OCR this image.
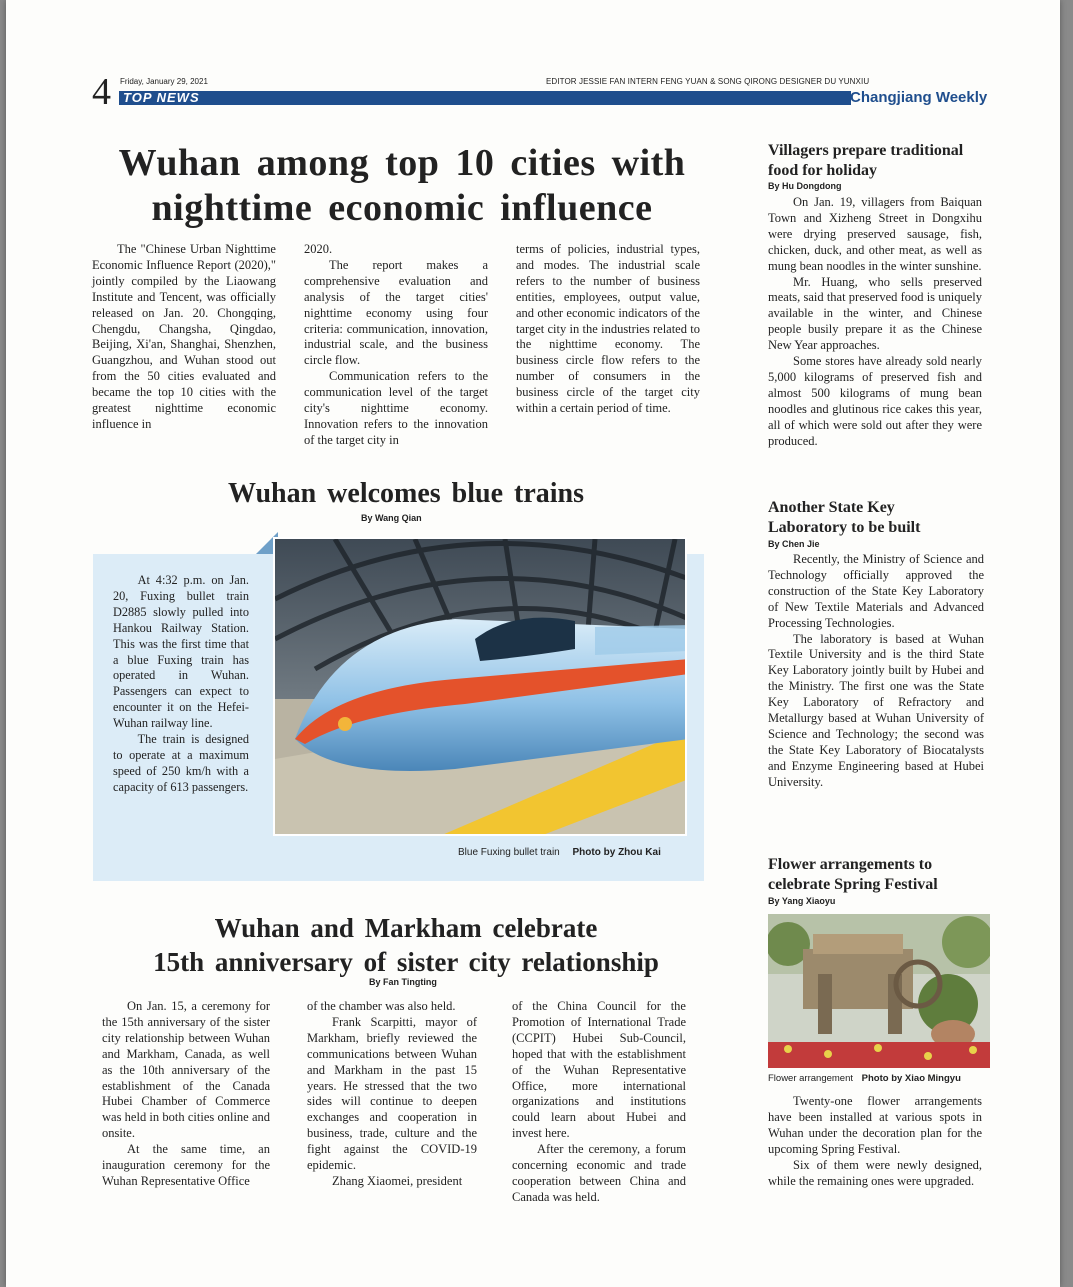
4 Friday, January 29, 2021	EDITOR JESSIE FAN INTERN FENG YUAN & SONG QIRONG DESIGNER DU YUNXIU
TOP NEWS	Changjiang Weekly
Wuhan among top 10 cities with nighttime economic influence

The "Chinese Urban Nighttime Economic Influence Report (2020)," jointly compiled by the Liaowang Institute and Tencent, was officially released on Jan. 20. Chongqing, Chengdu, Changsha, Qingdao, Beijing, Xi'an, Shanghai, Shenzhen, Guangzhou, and Wuhan stood out from the 50 cities evaluated and became the top 10 cities with the greatest nighttime economic influence in

2020.

The report makes a comprehensive evaluation and analysis of the target cities' nighttime economy using four criteria: communication, innovation, industrial scale, and the business circle flow.

Communication refers to the communication level of the target city's nighttime economy. Innovation refers to the innovation of the target city in

terms of policies, industrial types, and modes. The industrial scale refers to the number of business entities, employees, output value, and other economic indicators of the target city in the industries related to the nighttime economy. The business circle flow refers to the number of consumers in the business circle of the target city within a certain period of time.

Wuhan welcomes blue trains
By Wang Qian

At 4:32 p.m. on Jan. 20, Fuxing bullet train D2885 slowly pulled into Hankou Railway Station. This was the first time that a blue Fuxing train has operated in Wuhan. Passengers can expect to encounter it on the Hefei-Wuhan railway line.

The train is designed to operate at a maximum speed of 250 km/h with a capacity of 613 passengers.

Blue Fuxing bullet train Photo by Zhou Kai
Wuhan and Markham celebrate
15th anniversary of sister city relationship
By Fan Tingting

On Jan. 15, a ceremony for the 15th anniversary of the sister city relationship between Wuhan and Markham, Canada, as well as the 10th anniversary of the establishment of the Canada Hubei Chamber of Commerce was held in both cities online and onsite.

At the same time, an inauguration ceremony for the Wuhan Representative Office

of the chamber was also held.

Frank Scarpitti, mayor of Markham, briefly reviewed the communications between Wuhan and Markham in the past 15 years. He stressed that the two sides will continue to deepen exchanges and cooperation in business, trade, culture and the fight against the COVID-19 epidemic.

Zhang Xiaomei, president

of the China Council for the Promotion of International Trade (CCPIT) Hubei Sub-Council, hoped that with the establishment of the Wuhan Representative Office, more international organizations and institutions could learn about Hubei and invest here.

After the ceremony, a forum concerning economic and trade cooperation between China and Canada was held.

Villagers prepare traditional food for holiday
By Hu Dongdong

On Jan. 19, villagers from Baiquan Town and Xizheng Street in Dongxihu were drying preserved sausage, fish, chicken, duck, and other meat, as well as mung bean noodles in the winter sunshine.

Mr. Huang, who sells preserved meats, said that preserved food is uniquely available in the winter, and Chinese people busily prepare it as the Chinese New Year approaches.

Some stores have already sold nearly 5,000 kilograms of preserved fish and almost 500 kilograms of mung bean noodles and glutinous rice cakes this year, all of which were sold out after they were produced.

Another State Key Laboratory to be built
By Chen Jie

Recently, the Ministry of Science and Technology officially approved the construction of the State Key Laboratory of New Textile Materials and Advanced Processing Technologies.

The laboratory is based at Wuhan Textile University and is the third State Key Laboratory jointly built by Hubei and the Ministry. The first one was the State Key Laboratory of Refractory and Metallurgy based at Wuhan University of Science and Technology; the second was the State Key Laboratory of Biocatalysts and Enzyme Engineering based at Hubei University.

Flower arrangements to celebrate Spring Festival
By Yang Xiaoyu
Flower arrangement Photo by Xiao Mingyu

Twenty-one flower arrangements have been installed at various spots in Wuhan under the decoration plan for the upcoming Spring Festival.

Six of them were newly designed, while the remaining ones were upgraded.
